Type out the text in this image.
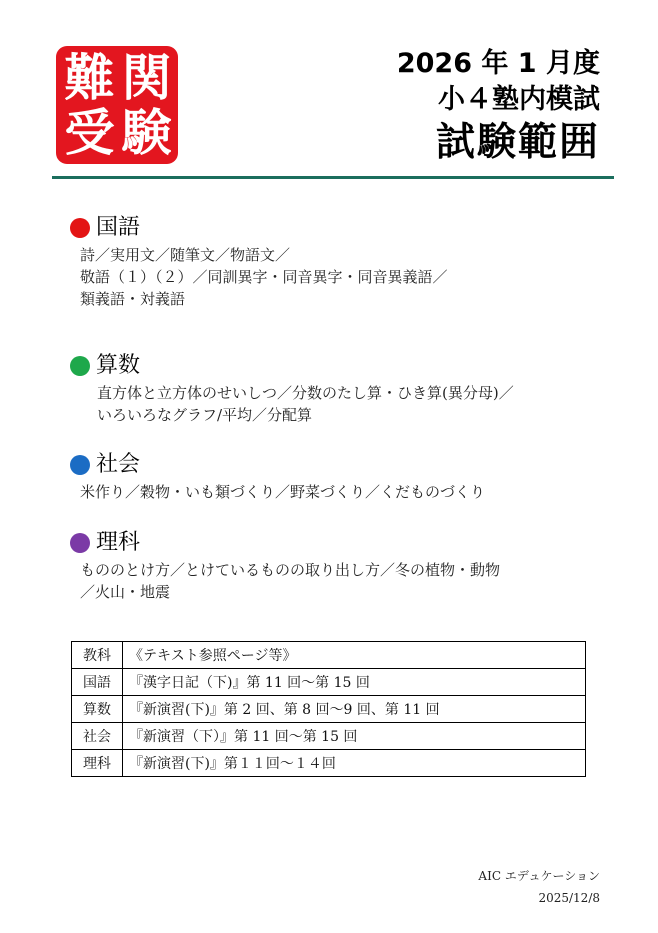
難 関
受 験
2026 年 1 月度
小４塾内模試
試験範囲
国語
詩／実用文／随筆文／物語文／
敬語（１）（２）／同訓異字・同音異字・同音異義語／
類義語・対義語
算数
直方体と立方体のせいしつ／分数のたし算・ひき算(異分母)／
いろいろなグラフ/平均／分配算
社会
米作り／穀物・いも類づくり／野菜づくり／くだものづくり
理科
もののとけ方／とけているものの取り出し方／冬の植物・動物
／火山・地震
教科	《テキスト参照ページ等》
国語	『漢字日記（下)』第 11 回～第 15 回
算数	『新演習(下)』第 2 回、第 8 回～9 回、第 11 回
社会	『新演習（下）』第 11 回～第 15 回
理科	『新演習(下)』第１１回～１４回
AIC エデュケーション
2025/12/8
